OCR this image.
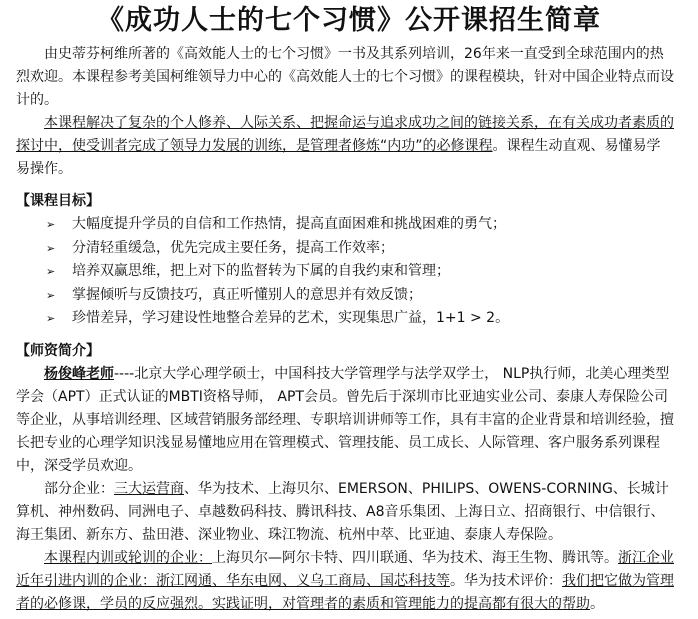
《成功人士的七个习惯》公开课招生简章

由史蒂芬柯维所著的《高效能人士的七个习惯》一书及其系列培训，26年来一直受到全球范围内的热烈欢迎。本课程参考美国柯维领导力中心的《高效能人士的七个习惯》的课程模块，针对中国企业特点而设计的。

本课程解决了复杂的个人修养、人际关系、把握命运与追求成功之间的链接关系，在有关成功者素质的探讨中，使受训者完成了领导力发展的训练，是管理者修炼“内功”的必修课程。课程生动直观、易懂易学易操作。

【课程目标】

➢ 大幅度提升学员的自信和工作热情，提高直面困难和挑战困难的勇气；
➢ 分清轻重缓急，优先完成主要任务，提高工作效率；
➢ 培养双赢思维，把上对下的监督转为下属的自我约束和管理；
➢ 掌握倾听与反馈技巧，真正听懂别人的意思并有效反馈；
➢ 珍惜差异，学习建设性地整合差异的艺术，实现集思广益，1+1 > 2。

【师资简介】

杨俊峰老师----北京大学心理学硕士，中国科技大学管理学与法学双学士， NLP执行师，北美心理类型学会（APT）正式认证的MBTI资格导师， APT会员。曾先后于深圳市比亚迪实业公司、泰康人寿保险公司等企业，从事培训经理、区域营销服务部经理、专职培训讲师等工作，具有丰富的企业背景和培训经验，擅长把专业的心理学知识浅显易懂地应用在管理模式、管理技能、员工成长、人际管理、客户服务系列课程中，深受学员欢迎。

部分企业：三大运营商、华为技术、上海贝尔、EMERSON、PHILIPS、OWENS-CORNING、长城计算机、神州数码、同洲电子、卓越数码科技、腾讯科技、A8音乐集团、上海日立、招商银行、中信银行、海王集团、新东方、盐田港、深业物业、珠江物流、杭州中萃、比亚迪、泰康人寿保险。

本课程内训或轮训的企业：上海贝尔—阿尔卡特、四川联通、华为技术、海王生物、腾讯等。浙江企业近年引进内训的企业：浙江网通、华东电网、义乌工商局、国芯科技等。华为技术评价：我们把它做为管理者的必修课，学员的反应强烈。实践证明，对管理者的素质和管理能力的提高都有很大的帮助。
